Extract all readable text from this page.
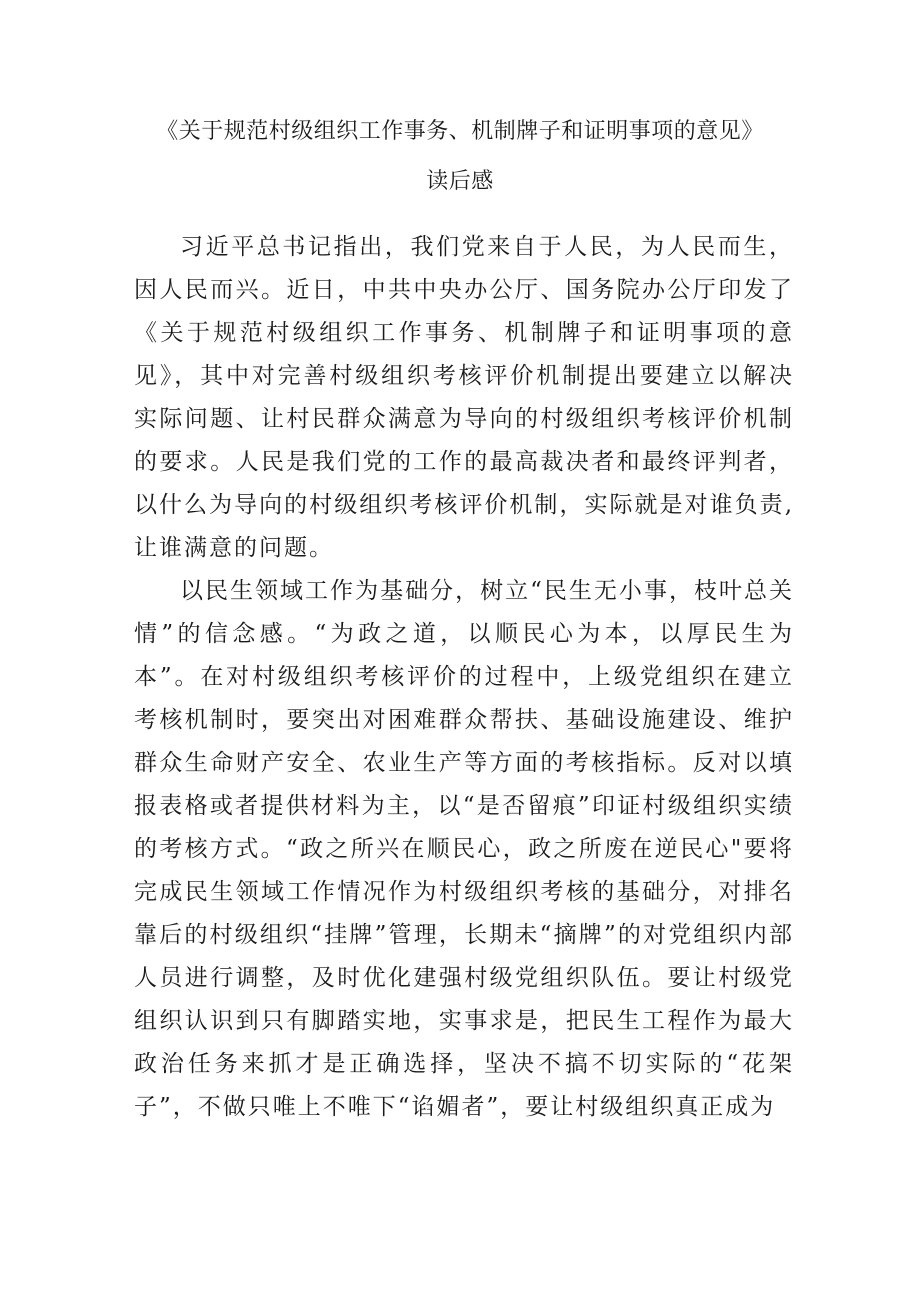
《关于规范村级组织工作事务、机制牌子和证明事项的意见》
读后感

习近平总书记指出，我们党来自于人民，为人民而生，因人民而兴。近日，中共中央办公厅、国务院办公厅印发了《关于规范村级组织工作事务、机制牌子和证明事项的意见》，其中对完善村级组织考核评价机制提出要建立以解决实际问题、让村民群众满意为导向的村级组织考核评价机制的要求。人民是我们党的工作的最高裁决者和最终评判者，以什么为导向的村级组织考核评价机制，实际就是对谁负责,让谁满意的问题。

以民生领域工作为基础分，树立“民生无小事，枝叶总关情”的信念感。“为政之道，以顺民心为本，以厚民生为本”。在对村级组织考核评价的过程中，上级党组织在建立考核机制时，要突出对困难群众帮扶、基础设施建设、维护群众生命财产安全、农业生产等方面的考核指标。反对以填报表格或者提供材料为主，以“是否留痕”印证村级组织实绩的考核方式。“政之所兴在顺民心，政之所废在逆民心"要将完成民生领域工作情况作为村级组织考核的基础分，对排名靠后的村级组织“挂牌”管理，长期未“摘牌”的对党组织内部人员进行调整，及时优化建强村级党组织队伍。要让村级党组织认识到只有脚踏实地，实事求是，把民生工程作为最大政治任务来抓才是正确选择，坚决不搞不切实际的“花架子”，不做只唯上不唯下“谄媚者”，要让村级组织真正成为
